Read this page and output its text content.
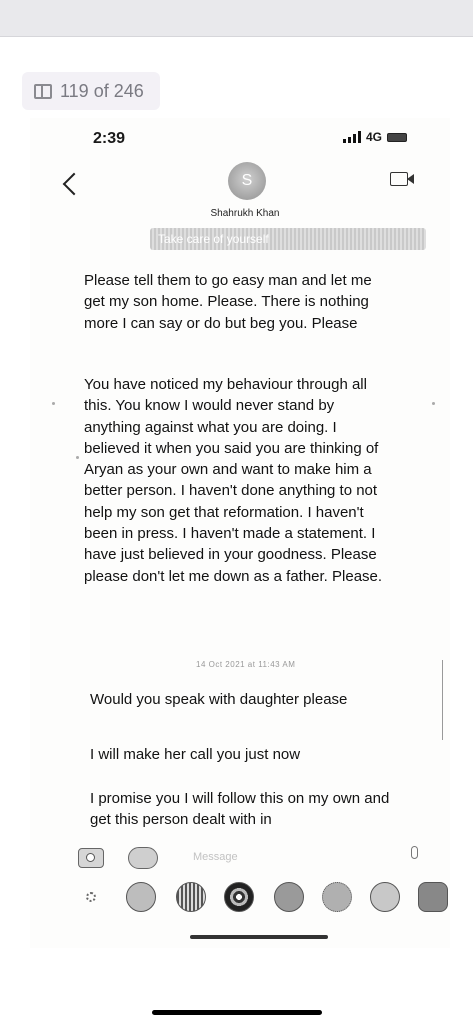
119 of 246
2:39	4G
S
Shahrukh Khan
Take care of yourself

Please tell them to go easy man and let me get my son home. Please. There is nothing more I can say or do but beg you. Please

You have noticed my behaviour through all this. You know I would never stand by anything against what you are doing. I believed it when you said you are thinking of Aryan as your own and want to make him a better person. I haven't done anything to not help my son get that reformation. I haven't been in press. I haven't made a statement. I have just believed in your goodness. Please please don't let me down as a father. Please.

14 Oct 2021 at 11:43 AM

Would you speak with daughter please

I will make her call you just now

I promise you I will follow this on my own and get this person dealt with in

Message
